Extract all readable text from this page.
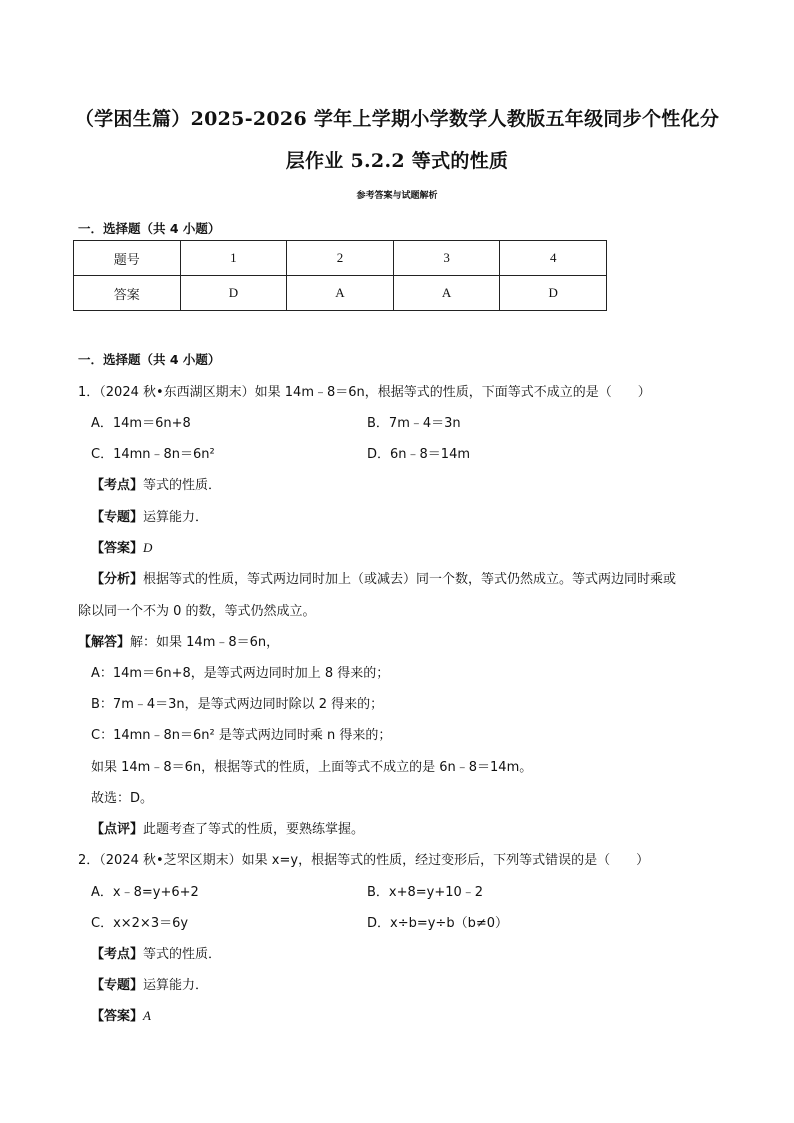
（学困生篇）2025-2026 学年上学期小学数学人教版五年级同步个性化分
层作业 5.2.2 等式的性质
参考答案与试题解析
一．选择题（共 4 小题）
题号	1	2	3	4
答案	D	A	A	D
一．选择题（共 4 小题）
1．（2024 秋•东西湖区期末）如果 14m﹣8＝6n，根据等式的性质，下面等式不成立的是（　　）
A．14m＝6n+8	B．7m﹣4＝3n
C．14mn﹣8n＝6n²	D．6n﹣8＝14m
【考点】等式的性质．
【专题】运算能力．
【答案】D
【分析】根据等式的性质，等式两边同时加上（或减去）同一个数，等式仍然成立。等式两边同时乘或
除以同一个不为 0 的数，等式仍然成立。
【解答】解：如果 14m﹣8＝6n，
A：14m＝6n+8，是等式两边同时加上 8 得来的；
B：7m﹣4＝3n，是等式两边同时除以 2 得来的；
C：14mn﹣8n＝6n² 是等式两边同时乘 n 得来的；
如果 14m﹣8＝6n，根据等式的性质，上面等式不成立的是 6n﹣8＝14m。
故选：D。
【点评】此题考查了等式的性质，要熟练掌握。
2．（2024 秋•芝罘区期末）如果 x=y，根据等式的性质，经过变形后，下列等式错误的是（　　）
A．x﹣8=y+6+2	B．x+8=y+10﹣2
C．x×2×3＝6y	D．x÷b=y÷b（b≠0）
【考点】等式的性质．
【专题】运算能力．
【答案】A
